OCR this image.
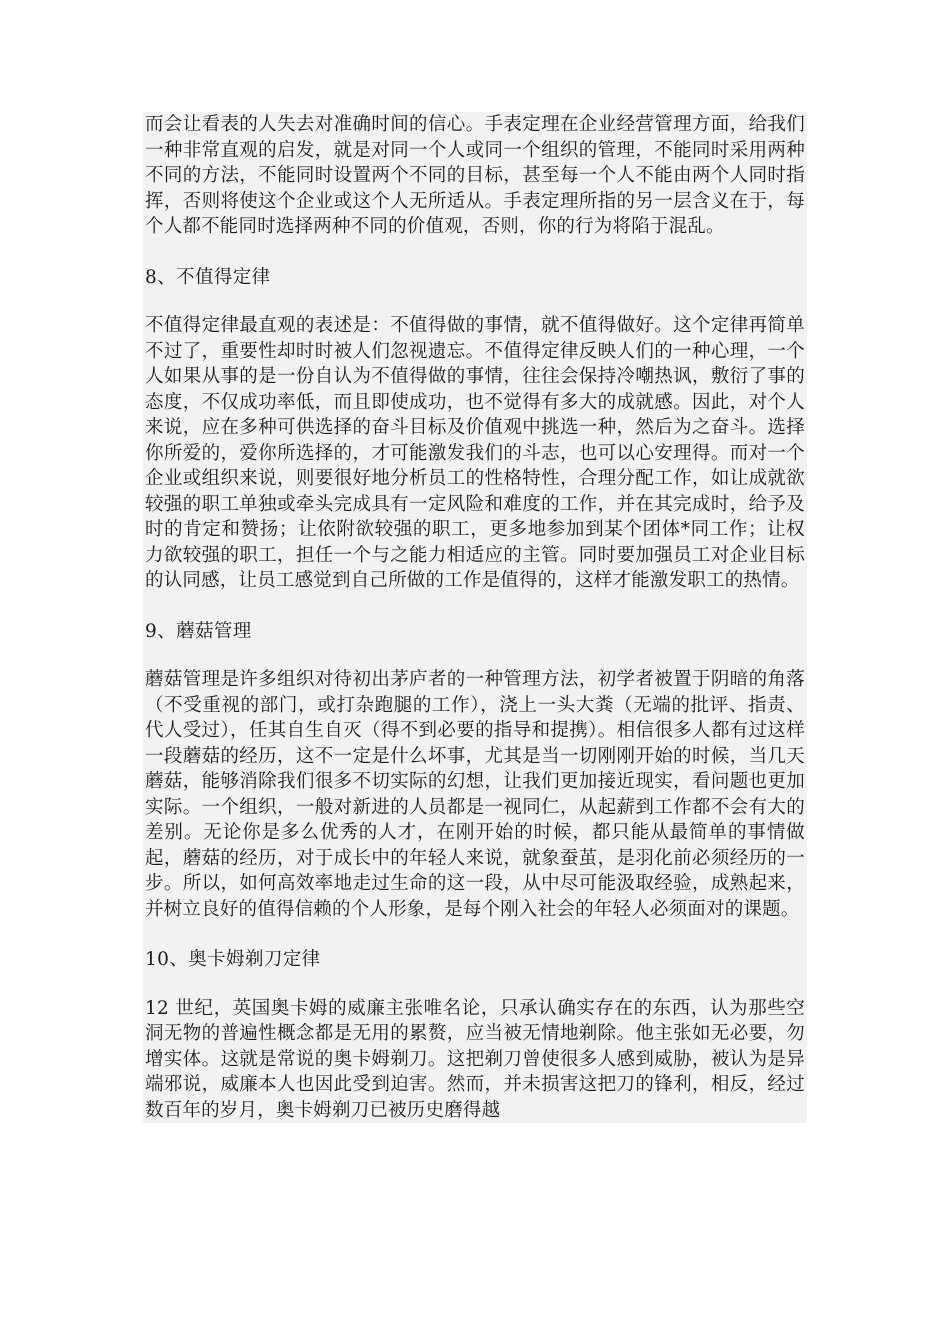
而会让看表的人失去对准确时间的信心。手表定理在企业经营管理方面，给我们一种非常直观的启发，就是对同一个人或同一个组织的管理，不能同时采用两种不同的方法，不能同时设置两个不同的目标，甚至每一个人不能由两个人同时指挥，否则将使这个企业或这个人无所适从。手表定理所指的另一层含义在于，每个人都不能同时选择两种不同的价值观，否则，你的行为将陷于混乱。

8、不值得定律

不值得定律最直观的表述是：不值得做的事情，就不值得做好。这个定律再简单不过了，重要性却时时被人们忽视遗忘。不值得定律反映人们的一种心理，一个人如果从事的是一份自认为不值得做的事情，往往会保持冷嘲热讽，敷衍了事的态度，不仅成功率低，而且即使成功，也不觉得有多大的成就感。因此，对个人来说，应在多种可供选择的奋斗目标及价值观中挑选一种，然后为之奋斗。选择你所爱的，爱你所选择的，才可能激发我们的斗志，也可以心安理得。而对一个企业或组织来说，则要很好地分析员工的性格特性，合理分配工作，如让成就欲较强的职工单独或牵头完成具有一定风险和难度的工作，并在其完成时，给予及时的肯定和赞扬；让依附欲较强的职工，更多地参加到某个团体*同工作；让权力欲较强的职工，担任一个与之能力相适应的主管。同时要加强员工对企业目标的认同感，让员工感觉到自己所做的工作是值得的，这样才能激发职工的热情。

9、蘑菇管理

蘑菇管理是许多组织对待初出茅庐者的一种管理方法，初学者被置于阴暗的角落（不受重视的部门，或打杂跑腿的工作），浇上一头大粪（无端的批评、指责、代人受过），任其自生自灭（得不到必要的指导和提携）。相信很多人都有过这样一段蘑菇的经历，这不一定是什么坏事，尤其是当一切刚刚开始的时候，当几天蘑菇，能够消除我们很多不切实际的幻想，让我们更加接近现实，看问题也更加实际。一个组织，一般对新进的人员都是一视同仁，从起薪到工作都不会有大的差别。无论你是多么优秀的人才，在刚开始的时候，都只能从最简单的事情做起，蘑菇的经历，对于成长中的年轻人来说，就象蚕茧，是羽化前必须经历的一步。所以，如何高效率地走过生命的这一段，从中尽可能汲取经验，成熟起来，并树立良好的值得信赖的个人形象，是每个刚入社会的年轻人必须面对的课题。

10、奥卡姆剃刀定律

12 世纪，英国奥卡姆的威廉主张唯名论，只承认确实存在的东西，认为那些空洞无物的普遍性概念都是无用的累赘，应当被无情地剃除。他主张如无必要，勿增实体。这就是常说的奥卡姆剃刀。这把剃刀曾使很多人感到威胁，被认为是异端邪说，威廉本人也因此受到迫害。然而，并未损害这把刀的锋利，相反，经过数百年的岁月，奥卡姆剃刀已被历史磨得越
